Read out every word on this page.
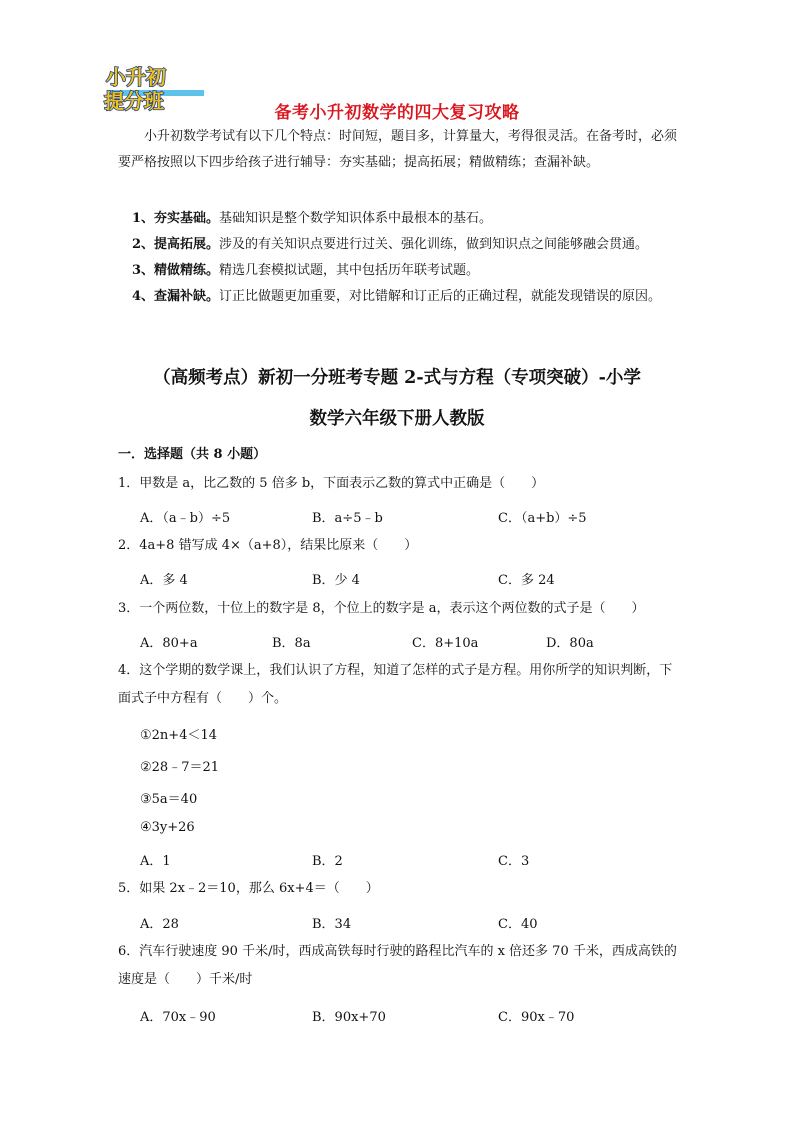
小升初
提分班	备考小升初数学的四大复习攻略
小升初数学考试有以下几个特点：时间短，题目多，计算量大，考得很灵活。在备考时，必须要严格按照以下四步给孩子进行辅导：夯实基础；提高拓展；精做精练；查漏补缺。
1、夯实基础。基础知识是整个数学知识体系中最根本的基石。
2、提高拓展。涉及的有关知识点要进行过关、强化训练，做到知识点之间能够融会贯通。
3、精做精练。精选几套模拟试题，其中包括历年联考试题。
4、查漏补缺。订正比做题更加重要，对比错解和订正后的正确过程，就能发现错误的原因。
（高频考点）新初一分班考专题 2-式与方程（专项突破）-小学
数学六年级下册人教版
一．选择题（共 8 小题）
1．甲数是 a，比乙数的 5 倍多 b，下面表示乙数的算式中正确是（　　）
A．（a﹣b）÷5	B．a÷5﹣b	C．（a+b）÷5
2．4a+8 错写成 4×（a+8），结果比原来（　　）
A．多 4	B．少 4	C．多 24
3．一个两位数，十位上的数字是 8，个位上的数字是 a，表示这个两位数的式子是（　　）
A．80+a	B．8a	C．8+10a	D．80a
4．这个学期的数学课上，我们认识了方程，知道了怎样的式子是方程。用你所学的知识判断，下面式子中方程有（　　）个。
①2n+4＜14
②28﹣7＝21
③5a＝40
④3y+26
A．1	B．2	C．3
5．如果 2x﹣2＝10，那么 6x+4＝（　　）
A．28	B．34	C．40
6．汽车行驶速度 90 千米/时，西成高铁每时行驶的路程比汽车的 x 倍还多 70 千米，西成高铁的速度是（　　）千米/时
A．70x﹣90	B．90x+70	C．90x﹣70
